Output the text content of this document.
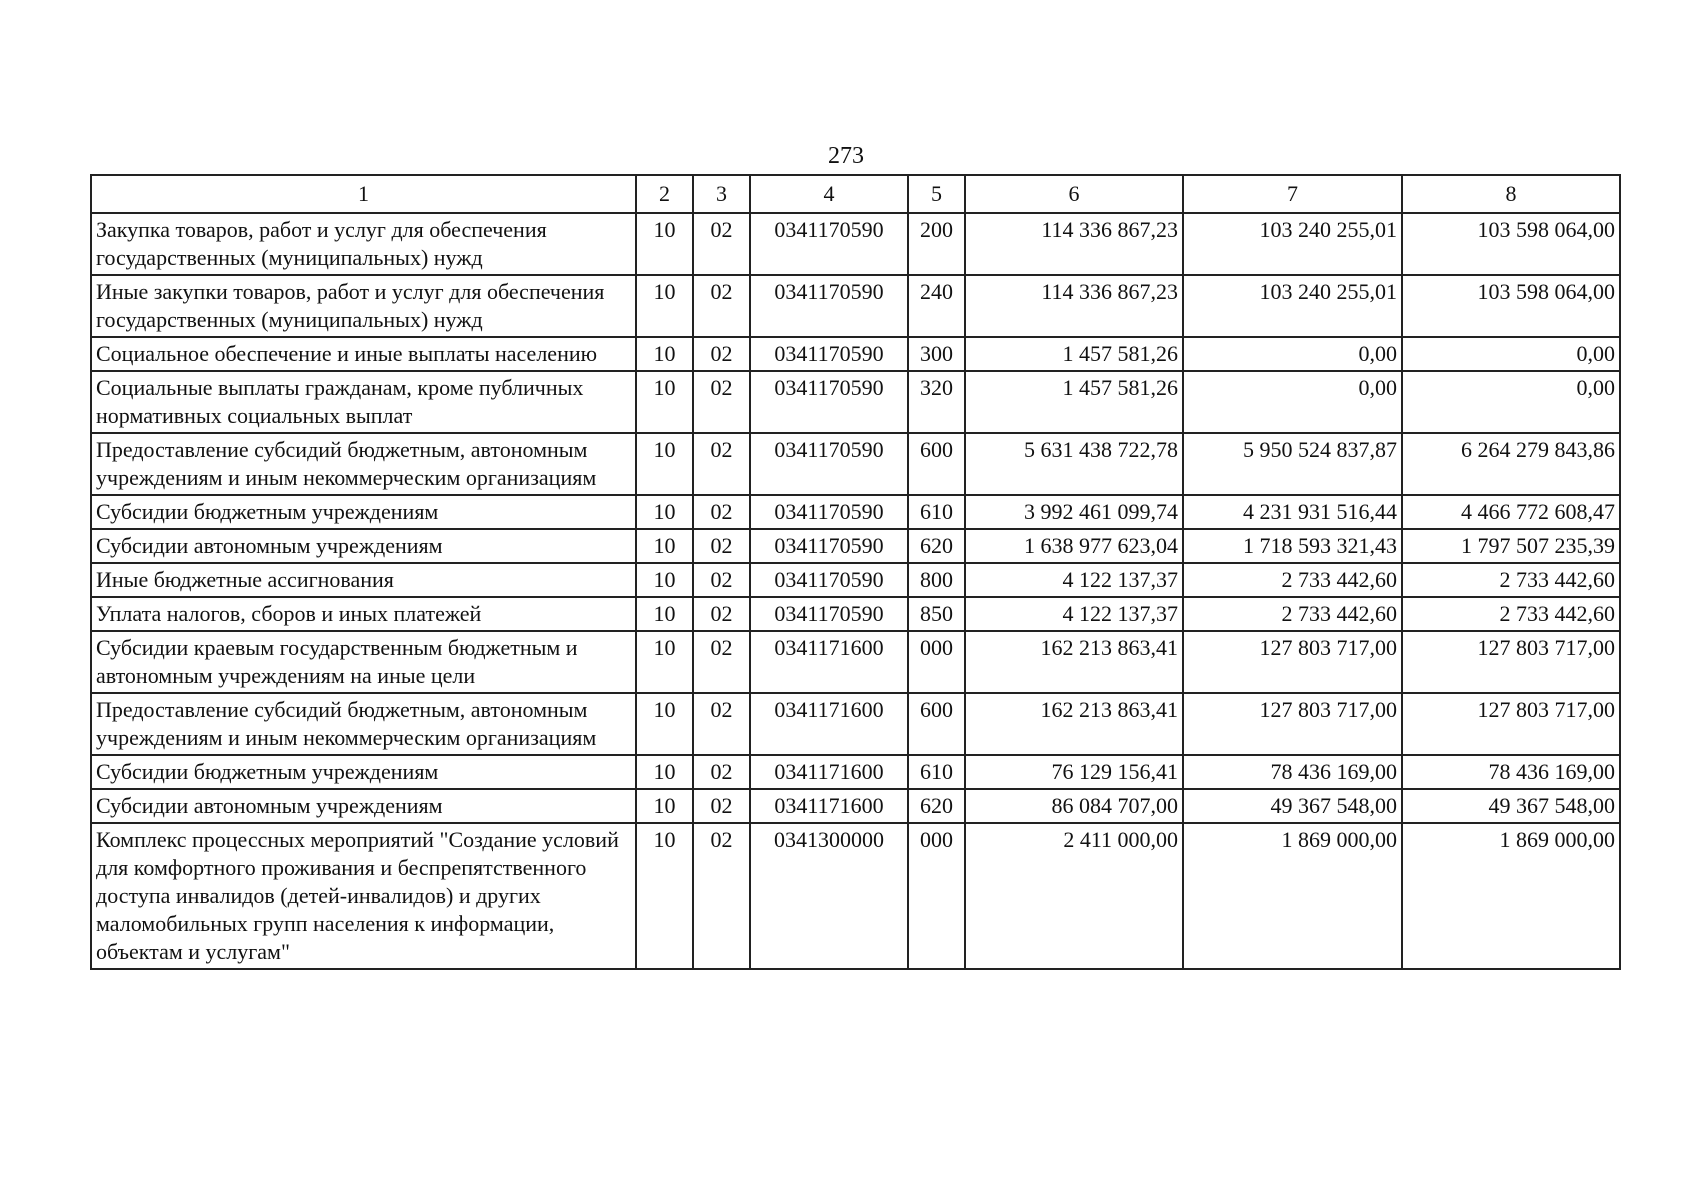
273
1	2	3	4	5	6	7	8
Закупка товаров, работ и услуг для обеспечения государственных (муниципальных) нужд	10	02	0341170590	200	114 336 867,23	103 240 255,01	103 598 064,00
Иные закупки товаров, работ и услуг для обеспечения государственных (муниципальных) нужд	10	02	0341170590	240	114 336 867,23	103 240 255,01	103 598 064,00
Социальное обеспечение и иные выплаты населению	10	02	0341170590	300	1 457 581,26	0,00	0,00
Социальные выплаты гражданам, кроме публичных нормативных социальных выплат	10	02	0341170590	320	1 457 581,26	0,00	0,00
Предоставление субсидий бюджетным, автономным учреждениям и иным некоммерческим организациям	10	02	0341170590	600	5 631 438 722,78	5 950 524 837,87	6 264 279 843,86
Субсидии бюджетным учреждениям	10	02	0341170590	610	3 992 461 099,74	4 231 931 516,44	4 466 772 608,47
Субсидии автономным учреждениям	10	02	0341170590	620	1 638 977 623,04	1 718 593 321,43	1 797 507 235,39
Иные бюджетные ассигнования	10	02	0341170590	800	4 122 137,37	2 733 442,60	2 733 442,60
Уплата налогов, сборов и иных платежей	10	02	0341170590	850	4 122 137,37	2 733 442,60	2 733 442,60
Субсидии краевым государственным бюджетным и автономным учреждениям на иные цели	10	02	0341171600	000	162 213 863,41	127 803 717,00	127 803 717,00
Предоставление субсидий бюджетным, автономным учреждениям и иным некоммерческим организациям	10	02	0341171600	600	162 213 863,41	127 803 717,00	127 803 717,00
Субсидии бюджетным учреждениям	10	02	0341171600	610	76 129 156,41	78 436 169,00	78 436 169,00
Субсидии автономным учреждениям	10	02	0341171600	620	86 084 707,00	49 367 548,00	49 367 548,00
Комплекс процессных мероприятий "Создание условий для комфортного проживания и беспрепятственного доступа инвалидов (детей-инвалидов) и других маломобильных групп населения к информации, объектам и услугам"	10	02	0341300000	000	2 411 000,00	1 869 000,00	1 869 000,00
